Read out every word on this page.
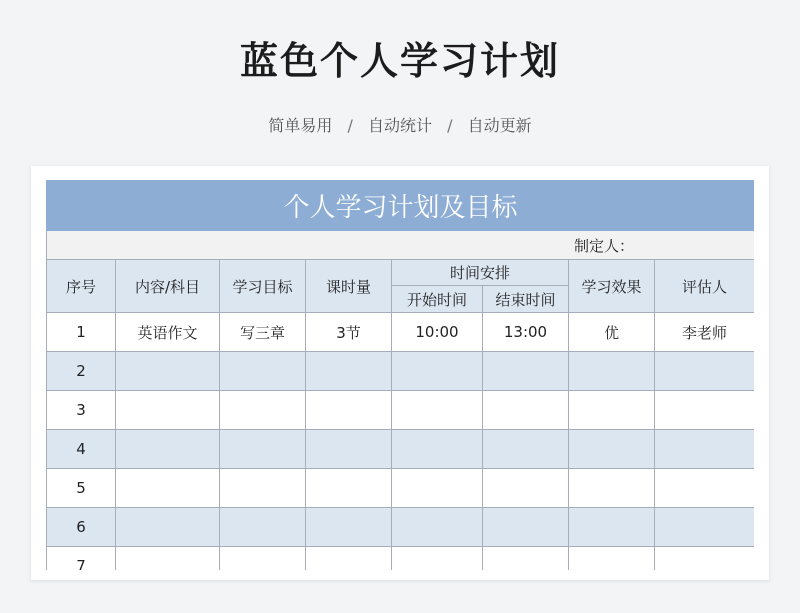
蓝色个人学习计划
简单易用 / 自动统计 / 自动更新
个人学习计划及目标							
制定人：							
序号	内容/科目	学习目标	课时量	时间安排		学习效果	评估人
				开始时间	结束时间		
1	英语作文	写三章	3节	10:00	13:00	优	李老师
2							
3							
4							
5							
6							
7							
